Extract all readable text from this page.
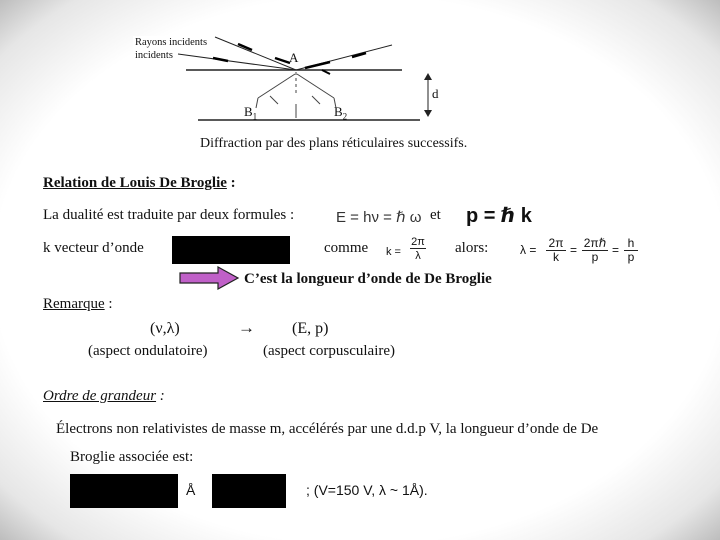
Rayons incidents
incidents	A
d
$B_1$	$B_2$
Diffraction par des plans réticulaires successifs.
Relation de Louis De Broglie :
La dualité est traduite par deux formules :	E = hν = ℏ ω et p = ℏ k
k vecteur d’onde	comme k =
2π
λ	alors:	λ = 2π
k = 2πℏ
p	= h
p
C’est la longueur d’onde de De Broglie
Remarque :
(ν,λ)	→ (E, p)
(aspect ondulatoire)	(aspect corpusculaire)
Ordre de grandeur :
Électrons non relativistes de masse m, accélérés par une d.d.p V, la longueur d’onde de De
Broglie associée est:
Å	; (V=150 V, λ ~ 1Å).
